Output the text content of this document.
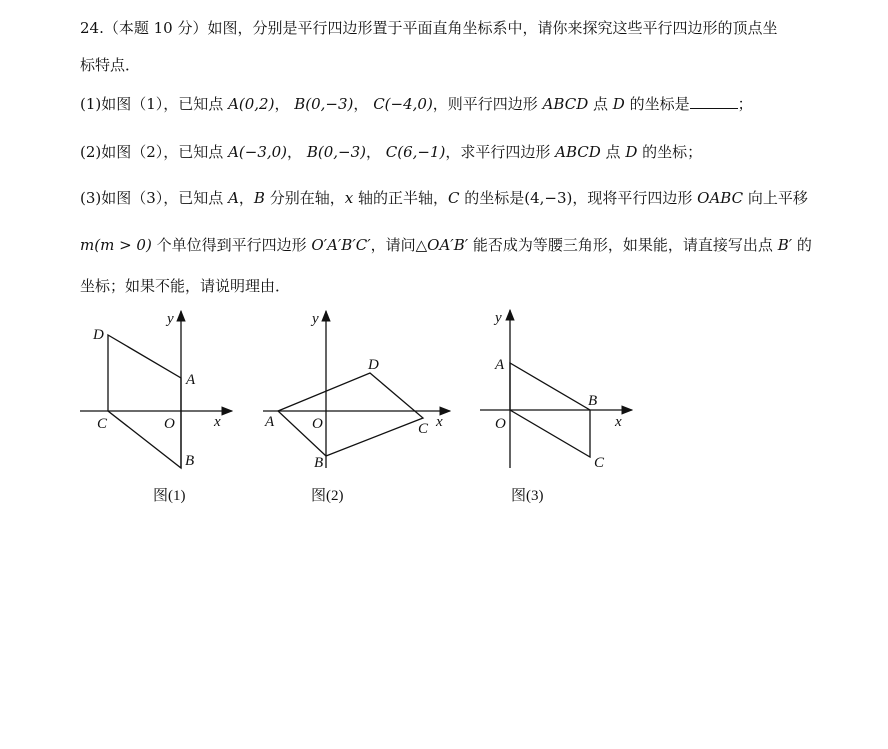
24.（本题 10 分）如图，分别是平行四边形置于平面直角坐标系中，请你来探究这些平行四边形的顶点坐
标特点．
(1)如图（1），已知点 A(0,2)， B(0,−3)， C(−4,0)，则平行四边形 ABCD 点 D 的坐标是	；
(2)如图（2），已知点 A(−3,0)， B(0,−3)， C(6,−1)，求平行四边形 ABCD 点 D 的坐标；
(3)如图（3），已知点 A，B 分别在轴，x 轴的正半轴，C 的坐标是(4,−3)，现将平行四边形 OABC 向上平移
m(m > 0) 个单位得到平行四边形 O′A′B′C′，请问△OA′B′ 能否成为等腰三角形，如果能，请直接写出点 B′ 的
坐标；如果不能，请说明理由．
y
D
A
C	O	x
B
图(1)
y
D
A	O	C x
B
图(2)
y
A
B
O	x
C
图(3)
